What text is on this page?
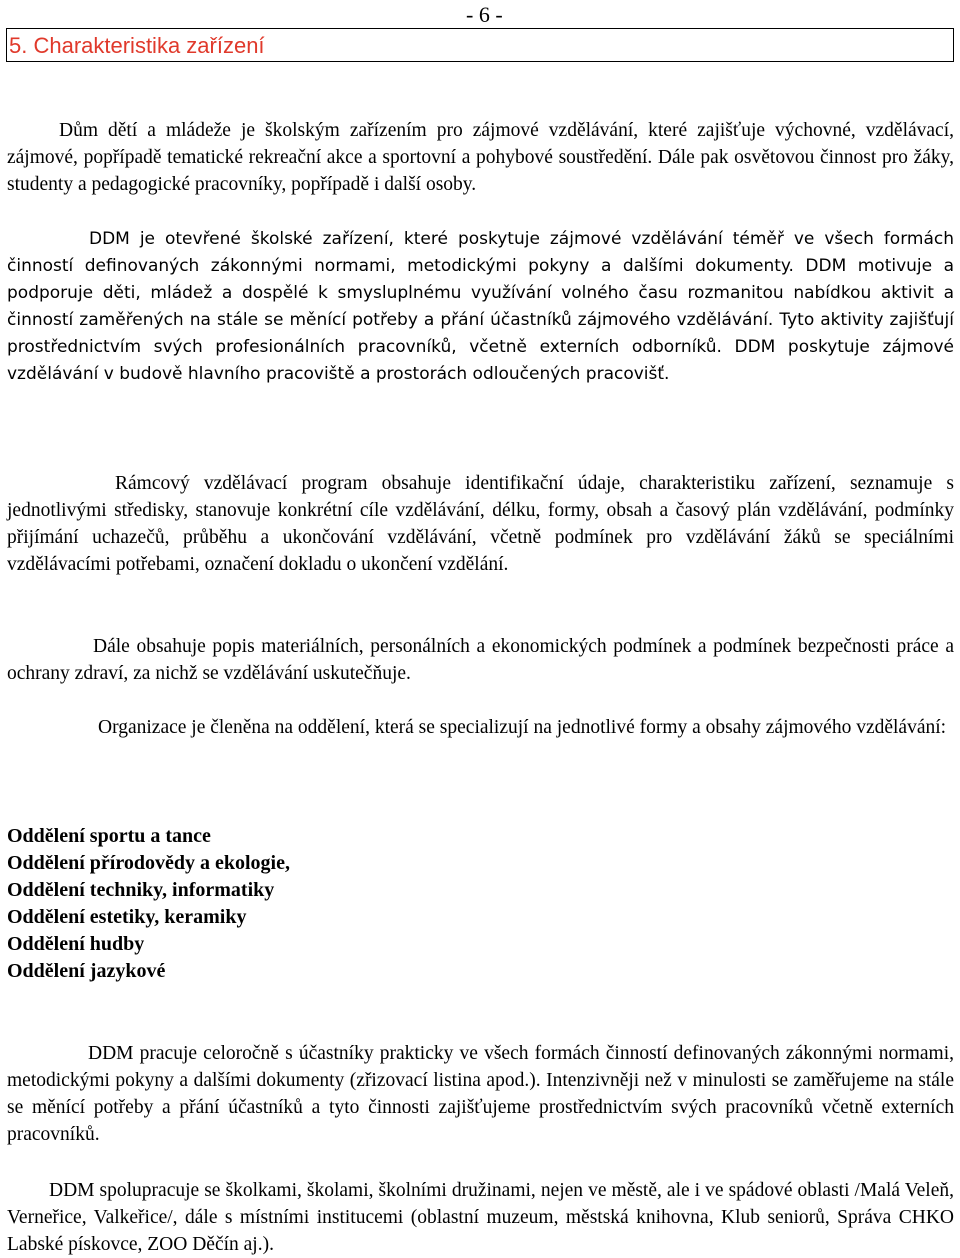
- 6 -
5. Charakteristika zařízení

Dům dětí a mládeže je školským zařízením pro zájmové vzdělávání, které zajišťuje výchovné, vzdělávací, zájmové, popřípadě tematické rekreační akce a sportovní a pohybové soustředění. Dále pak osvětovou činnost pro žáky, studenty a pedagogické pracovníky, popřípadě i další osoby.

DDM je otevřené školské zařízení, které poskytuje zájmové vzdělávání téměř ve všech formách činností definovaných zákonnými normami, metodickými pokyny a dalšími dokumenty. DDM motivuje a podporuje děti, mládež a dospělé k smysluplnému využívání volného času rozmanitou nabídkou aktivit a činností zaměřených na stále se měnící potřeby a přání účastníků zájmového vzdělávání. Tyto aktivity zajišťují prostřednictvím svých profesionálních pracovníků, včetně externích odborníků. DDM poskytuje zájmové vzdělávání v budově hlavního pracoviště a prostorách odloučených pracovišť.

Rámcový vzdělávací program obsahuje identifikační údaje, charakteristiku zařízení, seznamuje s jednotlivými středisky, stanovuje konkrétní cíle vzdělávání, délku, formy, obsah a časový plán vzdělávání, podmínky přijímání uchazečů, průběhu a ukončování vzdělávání, včetně podmínek pro vzdělávání žáků se speciálními vzdělávacími potřebami, označení dokladu o ukončení vzdělání.

Dále obsahuje popis materiálních, personálních a ekonomických podmínek a podmínek bezpečnosti práce a ochrany zdraví, za nichž se vzdělávání uskutečňuje.

Organizace je členěna na oddělení, která se specializují na jednotlivé formy a obsahy zájmového vzdělávání:

Oddělení sportu a tance
Oddělení přírodovědy a ekologie,
Oddělení techniky, informatiky
Oddělení estetiky, keramiky
Oddělení hudby
Oddělení jazykové

DDM pracuje celoročně s účastníky prakticky ve všech formách činností definovaných zákonnými normami, metodickými pokyny a dalšími dokumenty (zřizovací listina apod.). Intenzivněji než v minulosti se zaměřujeme na stále se měnící potřeby a přání účastníků a tyto činnosti zajišťujeme prostřednictvím svých pracovníků včetně externích pracovníků.

DDM spolupracuje se školkami, školami, školními družinami, nejen ve městě, ale i ve spádové oblasti /Malá Veleň, Verneřice, Valkeřice/, dále s místními institucemi (oblastní muzeum, městská knihovna, Klub seniorů, Správa CHKO Labské pískovce, ZOO Děčín aj.).
